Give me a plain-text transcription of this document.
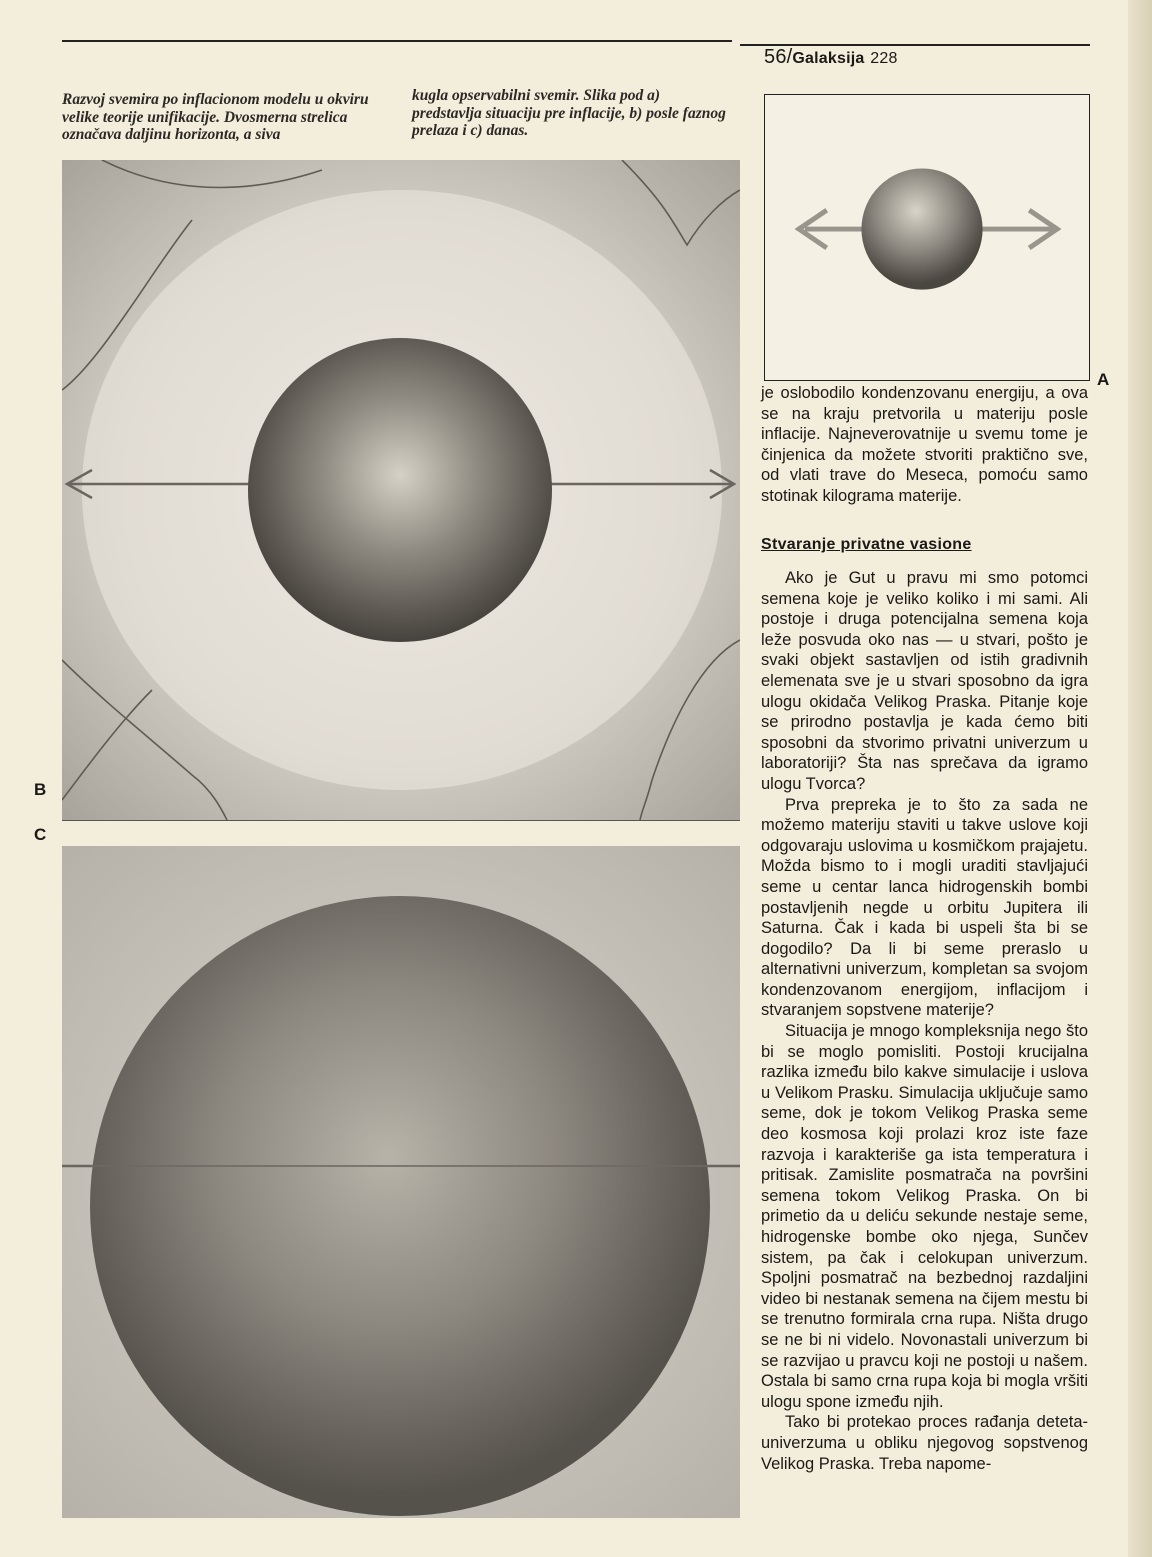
56/Galaksija 228
Razvoj svemira po inflacionom modelu u okviru velike teorije unifikacije. Dvosmerna strelica označava daljinu horizonta, a siva
kugla opservabilni svemir. Slika pod a) predstavlja situaciju pre inflacije, b) posle faznog prelaza i c) danas.
A
B
C

je oslobodilo kondenzovanu energiju, a ova se na kraju pretvorila u materiju posle inflacije. Najneverovatnije u svemu tome je činjenica da možete stvoriti praktično sve, od vlati trave do Meseca, pomoću samo stotinak kilograma materije.

Stvaranje privatne vasione

Ako je Gut u pravu mi smo potomci semena koje je veliko koliko i mi sami. Ali postoje i druga potencijalna semena koja leže posvuda oko nas — u stvari, pošto je svaki objekt sastavljen od istih gradivnih elemenata sve je u stvari sposobno da igra ulogu okidača Velikog Praska. Pitanje koje se prirodno postavlja je kada ćemo biti sposobni da stvorimo privatni univerzum u laboratoriji? Šta nas sprečava da igramo ulogu Tvorca?

Prva prepreka je to što za sada ne možemo materiju staviti u takve uslove koji odgovaraju uslovima u kosmičkom prajajetu. Možda bismo to i mogli uraditi stavljajući seme u centar lanca hidrogenskih bombi postavljenih negde u orbitu Jupitera ili Saturna. Čak i kada bi uspeli šta bi se dogodilo? Da li bi seme preraslo u alternativni univerzum, kompletan sa svojom kondenzovanom energijom, inflacijom i stvaranjem sopstvene materije?

Situacija je mnogo kompleksnija nego što bi se moglo pomisliti. Postoji krucijalna razlika između bilo kakve simulacije i uslova u Velikom Prasku. Simulacija uključuje samo seme, dok je tokom Velikog Praska seme deo kosmosa koji prolazi kroz iste faze razvoja i karakteriše ga ista temperatura i pritisak. Zamislite posmatrača na površini semena tokom Velikog Praska. On bi primetio da u deliću sekunde nestaje seme, hidrogenske bombe oko njega, Sunčev sistem, pa čak i celokupan univerzum. Spoljni posmatrač na bezbednoj razdaljini video bi nestanak semena na čijem mestu bi se trenutno formirala crna rupa. Ništa drugo se ne bi ni videlo. Novonastali univerzum bi se razvijao u pravcu koji ne postoji u našem. Ostala bi samo crna rupa koja bi mogla vršiti ulogu spone između njih.

Tako bi protekao proces rađanja deteta-univerzuma u obliku njegovog sopstvenog Velikog Praska. Treba napome-
